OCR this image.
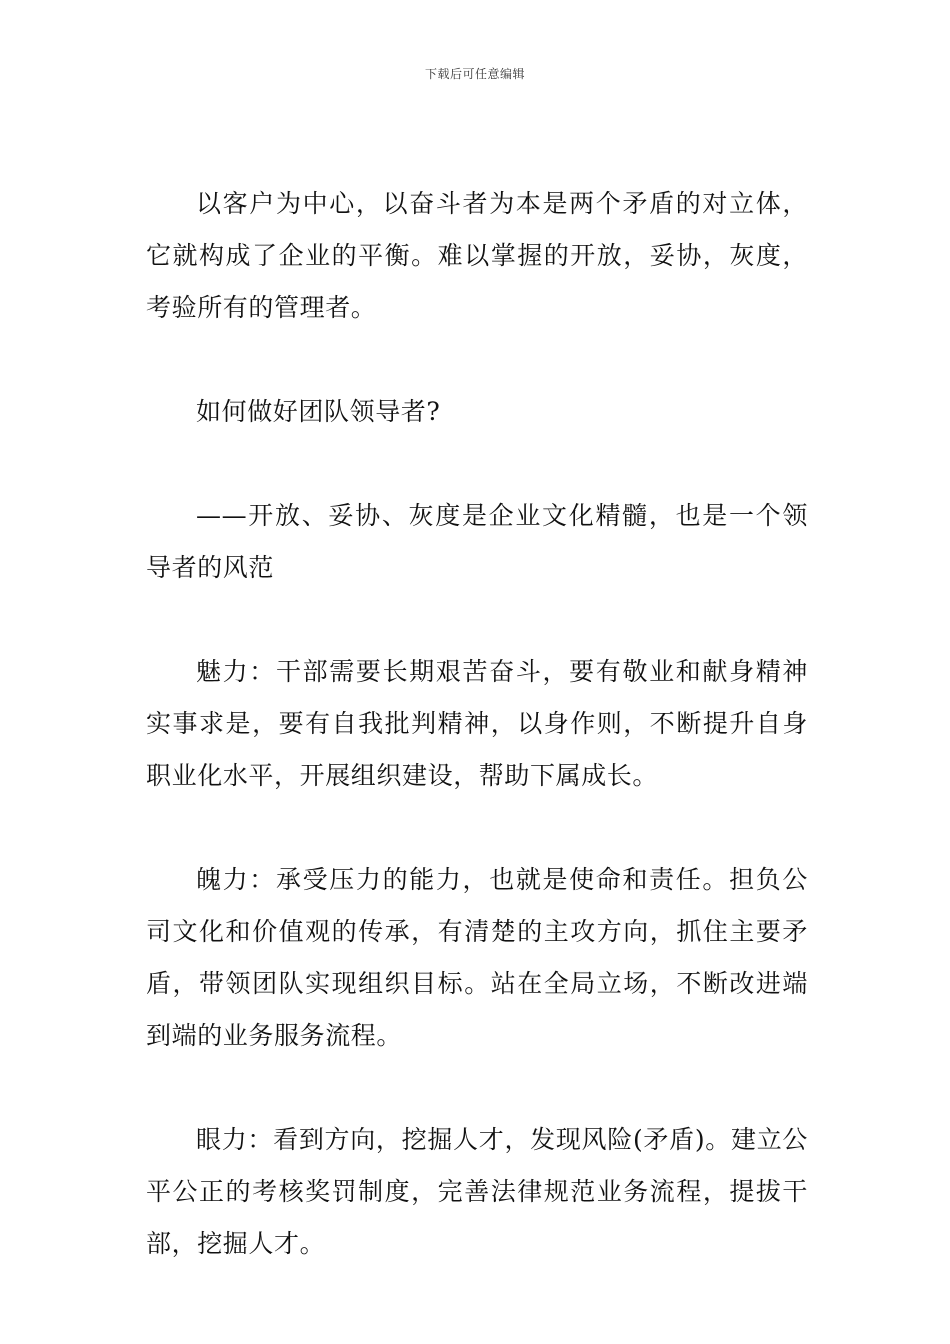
下载后可任意编辑

以客户为中心，以奋斗者为本是两个矛盾的对立体，它就构成了企业的平衡。难以掌握的开放，妥协，灰度，考验所有的管理者。

如何做好团队领导者?

——开放、妥协、灰度是企业文化精髓，也是一个领导者的风范

魅力：干部需要长期艰苦奋斗，要有敬业和献身精神实事求是，要有自我批判精神，以身作则，不断提升自身职业化水平，开展组织建设，帮助下属成长。

魄力：承受压力的能力，也就是使命和责任。担负公司文化和价值观的传承，有清楚的主攻方向，抓住主要矛盾，带领团队实现组织目标。站在全局立场，不断改进端到端的业务服务流程。

眼力：看到方向，挖掘人才，发现风险(矛盾)。建立公平公正的考核奖罚制度，完善法律规范业务流程，提拔干部，挖掘人才。
